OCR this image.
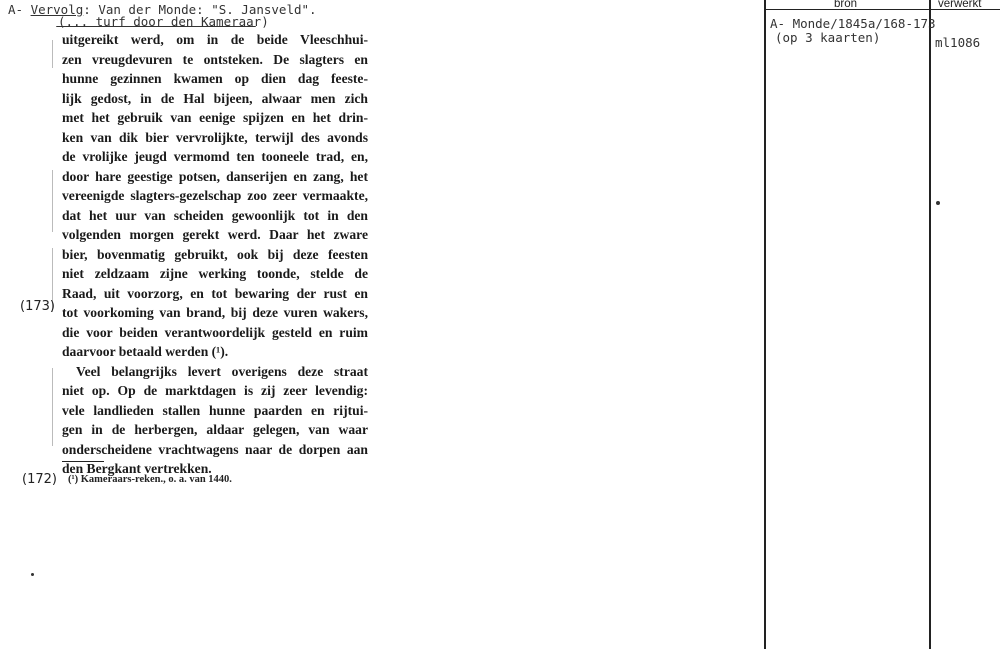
A- Vervolg: Van der Monde: "S. Jansveld".
(... turf door den Kameraar)
uitgereikt werd, om in de beide Vleeschhui-
zen vreugdevuren te ontsteken. De slagters en
hunne gezinnen kwamen op dien dag feeste-
lijk gedost, in de Hal bijeen, alwaar men zich
met het gebruik van eenige spijzen en het drin-
ken van dik bier vervrolijkte, terwijl des avonds
de vrolijke jeugd vermomd ten tooneele trad, en,
door hare geestige potsen, danserijen en zang, het
vereenigde slagters-gezelschap zoo zeer vermaakte,
dat het uur van scheiden gewoonlijk tot in den
volgenden morgen gerekt werd. Daar het zware
bier, bovenmatig gebruikt, ook bij deze feesten
niet zeldzaam zijne werking toonde, stelde de
Raad, uit voorzorg, en tot bewaring der rust en
tot voorkoming van brand, bij deze vuren wakers,
die voor beiden verantwoordelijk gesteld en ruim
daarvoor betaald werden (¹).
Veel belangrijks levert overigens deze straat
niet op. Op de marktdagen is zij zeer levendig:
vele landlieden stallen hunne paarden en rijtui-
gen in de herbergen, aldaar gelegen, van waar
onderscheidene vrachtwagens naar de dorpen aan
den Bergkant vertrekken.
(173)
(172) (¹) Kameraars-reken., o. a. van 1440.
bron	verwerkt
A- Monde/1845a/168-173
(op 3 kaarten)	ml1086
